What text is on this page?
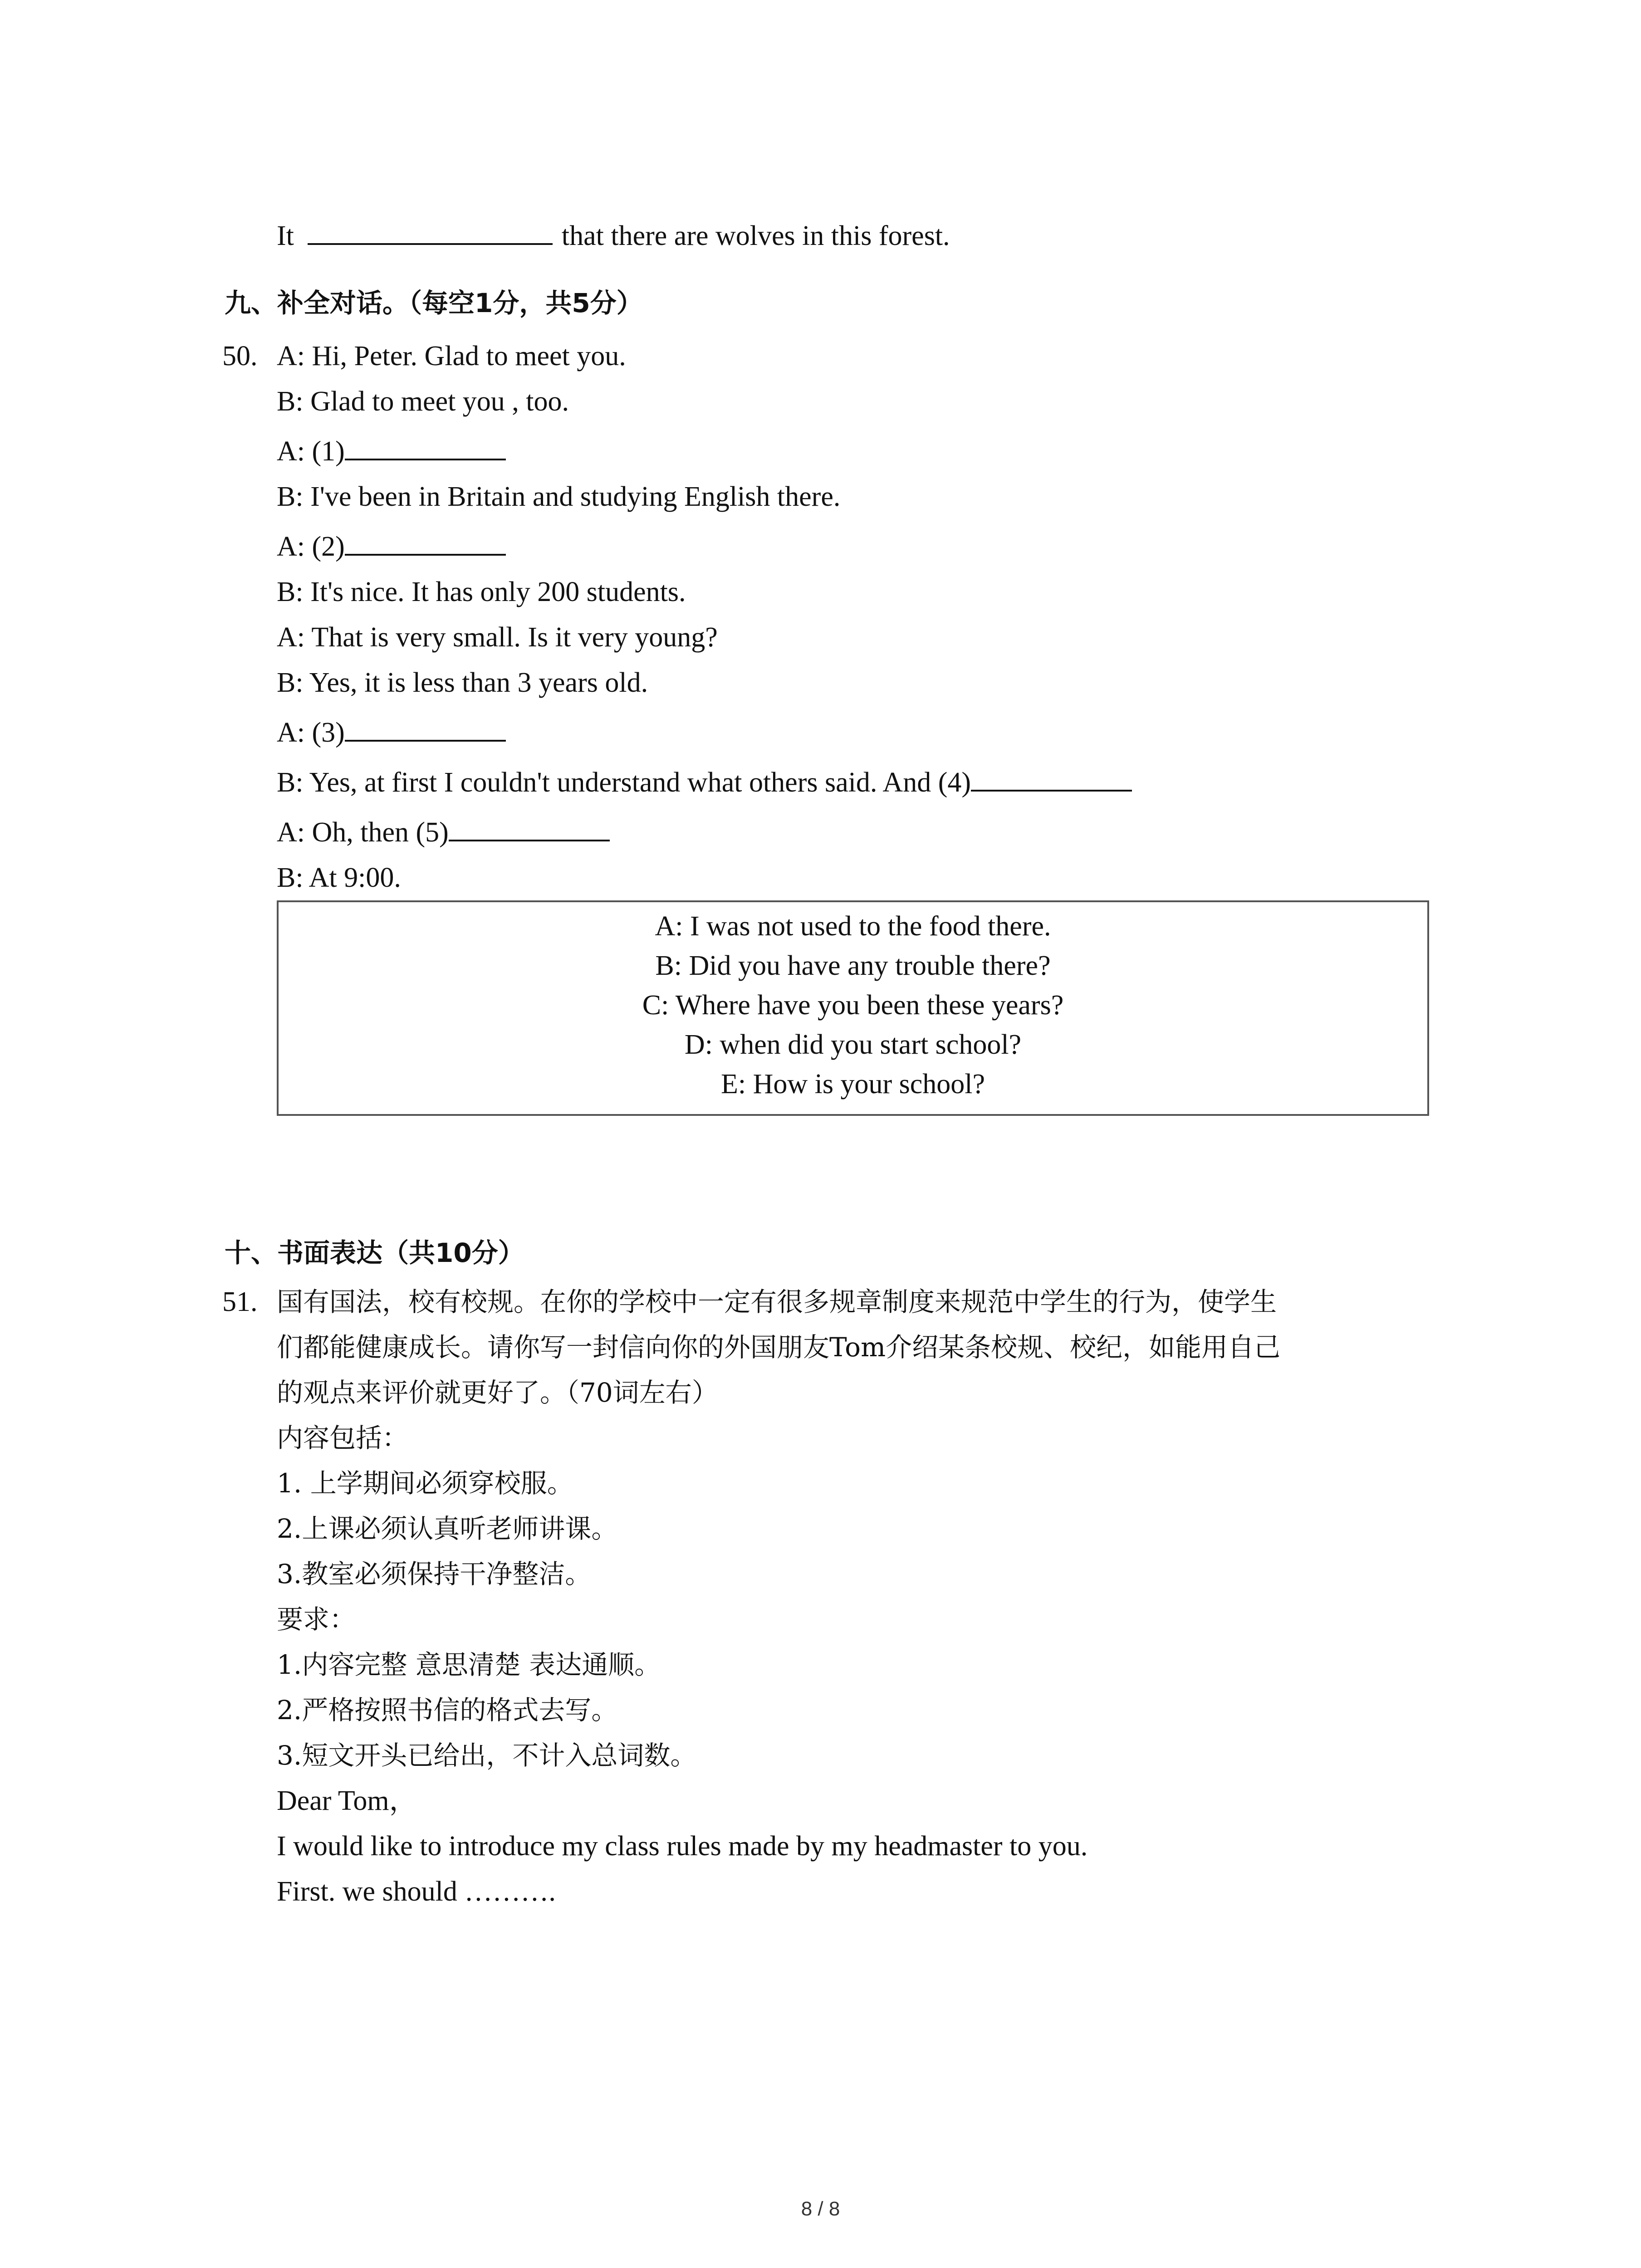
It	that there are wolves in this forest.
九、补全对话。（每空1分，共5分）
50. A: Hi, Peter. Glad to meet you.
B: Glad to meet you , too.
A: (1)
B: I've been in Britain and studying English there.
A: (2)
B: It's nice. It has only 200 students.
A: That is very small. Is it very young?
B: Yes, it is less than 3 years old.
A: (3)
B: Yes, at first I couldn't understand what others said. And (4)
A: Oh, then (5)
B: At 9:00.
A: I was not used to the food there.
B: Did you have any trouble there?
C: Where have you been these years?
D: when did you start school?
E: How is your school?
十、书面表达（共10分）
51. 国有国法，校有校规。在你的学校中一定有很多规章制度来规范中学生的行为，使学生
们都能健康成长。请你写一封信向你的外国朋友Tom介绍某条校规、校纪，如能用自己
的观点来评价就更好了。（70词左右）
内容包括：
1. 上学期间必须穿校服。
2.上课必须认真听老师讲课。
3.教室必须保持干净整洁。
要求：
1.内容完整 意思清楚 表达通顺。
2.严格按照书信的格式去写。
3.短文开头已给出，不计入总词数。
Dear Tom，
I would like to introduce my class rules made by my headmaster to you.
First. we should ……….
8 / 8
